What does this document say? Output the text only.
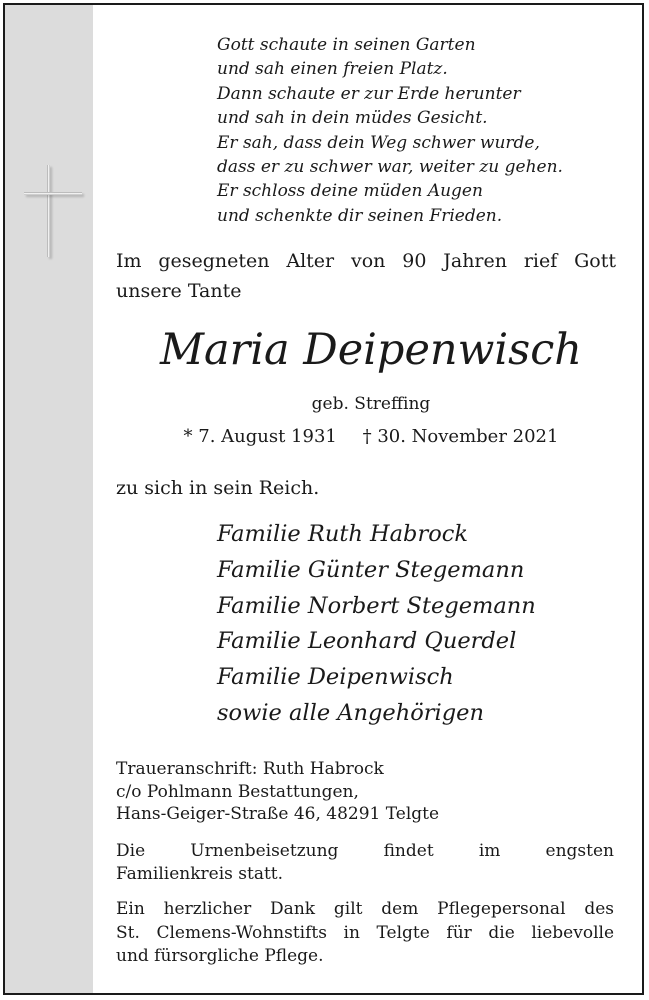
Gott schaute in seinen Garten
und sah einen freien Platz.
Dann schaute er zur Erde herunter
und sah in dein müdes Gesicht.
Er sah, dass dein Weg schwer wurde,
dass er zu schwer war, weiter zu gehen.
Er schloss deine müden Augen
und schenkte dir seinen Frieden.
Im gesegneten Alter von 90 Jahren rief Gott
unsere Tante
Maria Deipenwisch
geb. Streffing
* 7. August 1931 † 30. November 2021
zu sich in sein Reich.
Familie Ruth Habrock
Familie Günter Stegemann
Familie Norbert Stegemann
Familie Leonhard Querdel
Familie Deipenwisch
sowie alle Angehörigen
Traueranschrift: Ruth Habrock
c/o Pohlmann Bestattungen,
Hans-Geiger-Straße 46, 48291 Telgte
Die Urnenbeisetzung findet im engsten
Familienkreis statt.
Ein herzlicher Dank gilt dem Pflegepersonal des
St. Clemens-Wohnstifts in Telgte für die liebevolle
und fürsorgliche Pflege.
